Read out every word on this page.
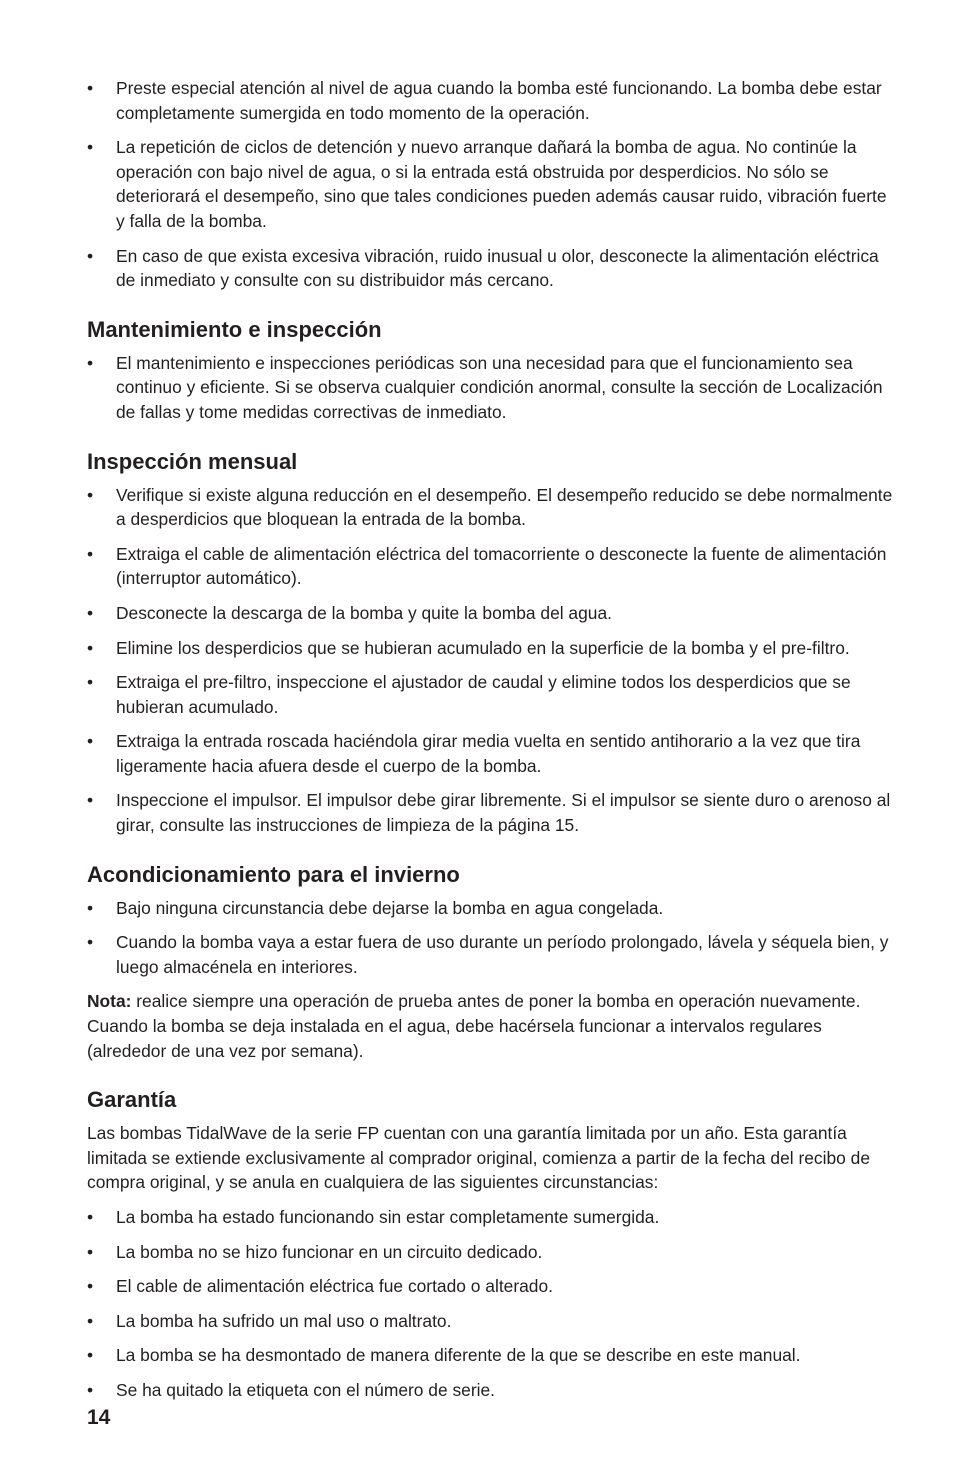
• Preste especial atención al nivel de agua cuando la bomba esté funcionando. La bomba debe estar completamente sumergida en todo momento de la operación.
• La repetición de ciclos de detención y nuevo arranque dañará la bomba de agua. No continúe la operación con bajo nivel de agua, o si la entrada está obstruida por desperdicios. No sólo se deteriorará el desempeño, sino que tales condiciones pueden además causar ruido, vibración fuerte y falla de la bomba.
• En caso de que exista excesiva vibración, ruido inusual u olor, desconecte la alimentación eléctrica de inmediato y consulte con su distribuidor más cercano.
Mantenimiento e inspección
• El mantenimiento e inspecciones periódicas son una necesidad para que el funcionamiento sea continuo y eficiente. Si se observa cualquier condición anormal, consulte la sección de Localización de fallas y tome medidas correctivas de inmediato.
Inspección mensual
• Verifique si existe alguna reducción en el desempeño. El desempeño reducido se debe normalmente a desperdicios que bloquean la entrada de la bomba.
• Extraiga el cable de alimentación eléctrica del tomacorriente o desconecte la fuente de alimentación (interruptor automático).
• Desconecte la descarga de la bomba y quite la bomba del agua.
• Elimine los desperdicios que se hubieran acumulado en la superficie de la bomba y el pre-filtro.
• Extraiga el pre-filtro, inspeccione el ajustador de caudal y elimine todos los desperdicios que se hubieran acumulado.
• Extraiga la entrada roscada haciéndola girar media vuelta en sentido antihorario a la vez que tira ligeramente hacia afuera desde el cuerpo de la bomba.
• Inspeccione el impulsor. El impulsor debe girar libremente. Si el impulsor se siente duro o arenoso al girar, consulte las instrucciones de limpieza de la página 15.
Acondicionamiento para el invierno
• Bajo ninguna circunstancia debe dejarse la bomba en agua congelada.
• Cuando la bomba vaya a estar fuera de uso durante un período prolongado, lávela y séquela bien, y luego almacénela en interiores.

Nota: realice siempre una operación de prueba antes de poner la bomba en operación nuevamente. Cuando la bomba se deja instalada en el agua, debe hacérsela funcionar a intervalos regulares (alrededor de una vez por semana).

Garantía

Las bombas TidalWave de la serie FP cuentan con una garantía limitada por un año. Esta garantía limitada se extiende exclusivamente al comprador original, comienza a partir de la fecha del recibo de compra original, y se anula en cualquiera de las siguientes circunstancias:

• La bomba ha estado funcionando sin estar completamente sumergida.
• La bomba no se hizo funcionar en un circuito dedicado.
• El cable de alimentación eléctrica fue cortado o alterado.
• La bomba ha sufrido un mal uso o maltrato.
• La bomba se ha desmontado de manera diferente de la que se describe en este manual.
• Se ha quitado la etiqueta con el número de serie.
14
